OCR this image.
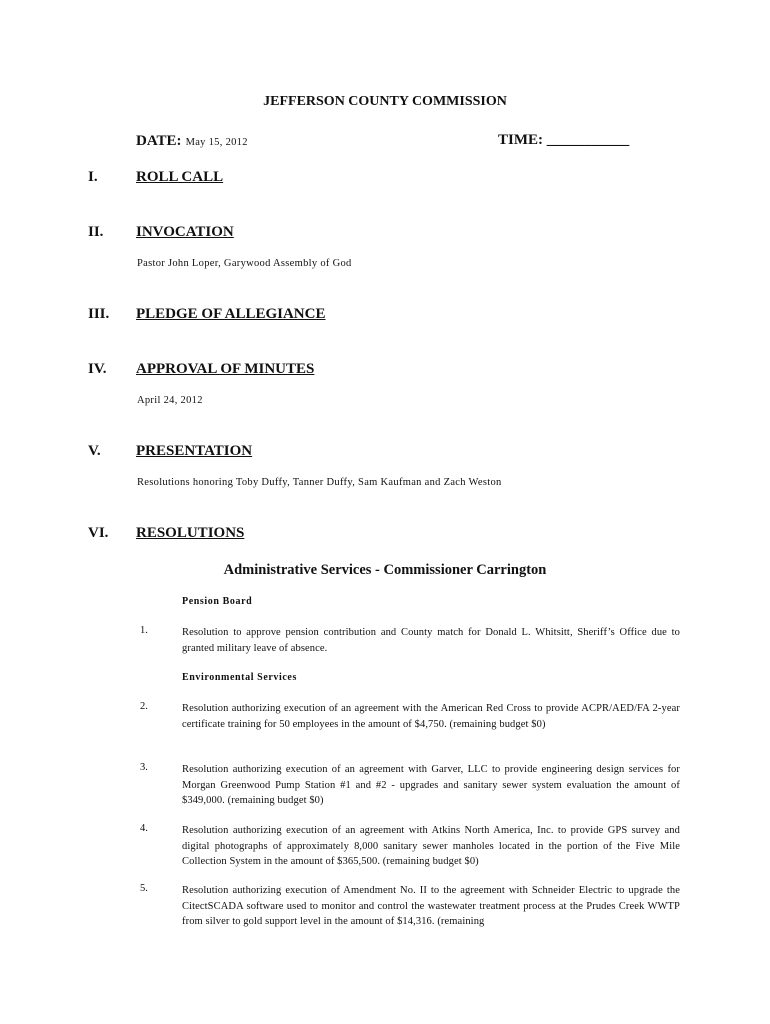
JEFFERSON COUNTY COMMISSION
DATE: May 15, 2012	TIME: ___________
I.	ROLL CALL
II. INVOCATION
Pastor John Loper, Garywood Assembly of God
III. PLEDGE OF ALLEGIANCE
IV. APPROVAL OF MINUTES
April 24, 2012
V. PRESENTATION
Resolutions honoring Toby Duffy, Tanner Duffy, Sam Kaufman and Zach Weston
VI. RESOLUTIONS
Administrative Services - Commissioner Carrington
Pension Board
1.	Resolution to approve pension contribution and County match for Donald L. Whitsitt, Sheriff’s Office due to granted military leave of absence.
Environmental Services
2.	Resolution authorizing execution of an agreement with the American Red Cross to provide ACPR/AED/FA 2-year certificate training for 50 employees in the amount of $4,750. (remaining budget $0)
3.	Resolution authorizing execution of an agreement with Garver, LLC to provide engineering design services for Morgan Greenwood Pump Station #1 and #2 - upgrades and sanitary sewer system evaluation the amount of $349,000. (remaining budget $0)
4.	Resolution authorizing execution of an agreement with Atkins North America, Inc. to provide GPS survey and digital photographs of approximately 8,000 sanitary sewer manholes located in the portion of the Five Mile Collection System in the amount of $365,500. (remaining budget $0)
5.	Resolution authorizing execution of Amendment No. II to the agreement with Schneider Electric to upgrade the CitectSCADA software used to monitor and control the wastewater treatment process at the Prudes Creek WWTP from silver to gold support level in the amount of $14,316. (remaining
